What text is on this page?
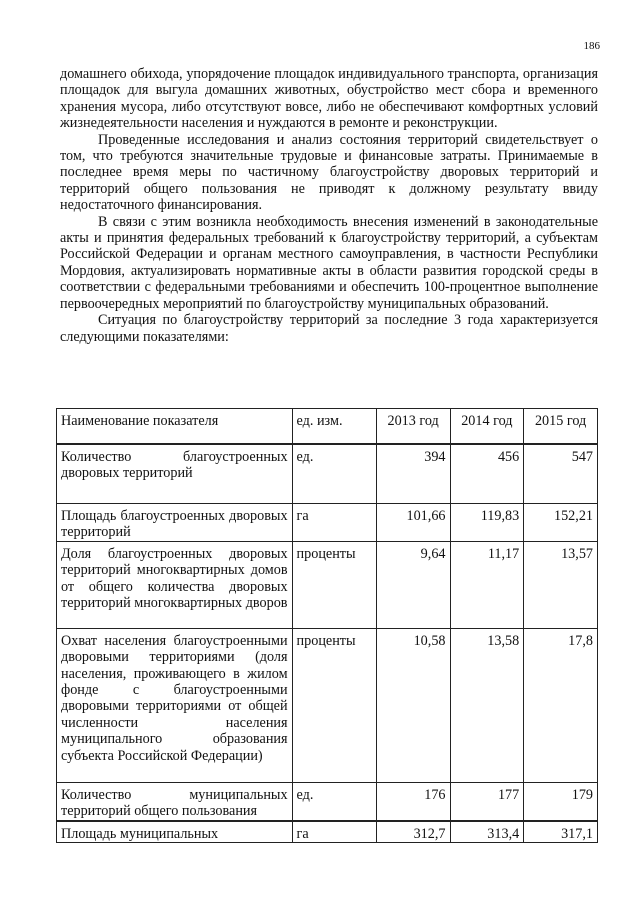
186

домашнего обихода, упорядочение площадок индивидуального транспорта, организация площадок для выгула домашних животных, обустройство мест сбора и временного хранения мусора, либо отсутствуют вовсе, либо не обеспечивают комфортных условий жизнедеятельности населения и нуждаются в ремонте и реконструкции.

Проведенные исследования и анализ состояния территорий свидетельствует о том, что требуются значительные трудовые и финансовые затраты. Принимаемые в последнее время меры по частичному благоустройству дворовых территорий и территорий общего пользования не приводят к должному результату ввиду недостаточного финансирования.

В связи с этим возникла необходимость внесения изменений в законодательные акты и принятия федеральных требований к благоустройству территорий, а субъектам Российской Федерации и органам местного самоуправления, в частности Республики Мордовия, актуализировать нормативные акты в области развития городской среды в соответствии с федеральными требованиями и обеспечить 100-процентное выполнение первоочередных мероприятий по благоустройству муниципальных образований.

Ситуация по благоустройству территорий за последние 3 года характеризуется следующими показателями:

Наименование показателя	ед. изм.	2013 год	2014 год	2015 год
Количество благоустроенных дворовых территорий	ед.	394	456	547
Площадь благоустроенных дворовых территорий	га	101,66	119,83	152,21
Доля благоустроенных дворовых территорий многоквартирных домов от общего количества дворовых территорий многоквартирных дворов	проценты	9,64	11,17	13,57
Охват населения благоустроенными дворовыми территориями (доля населения, проживающего в жилом фонде с благоустроенными дворовыми территориями от общей численности населения муниципального образования субъекта Российской Федерации)	проценты	10,58	13,58	17,8
Количество муниципальных территорий общего пользования	ед.	176	177	179
Площадь муниципальных	га	312,7	313,4	317,1
